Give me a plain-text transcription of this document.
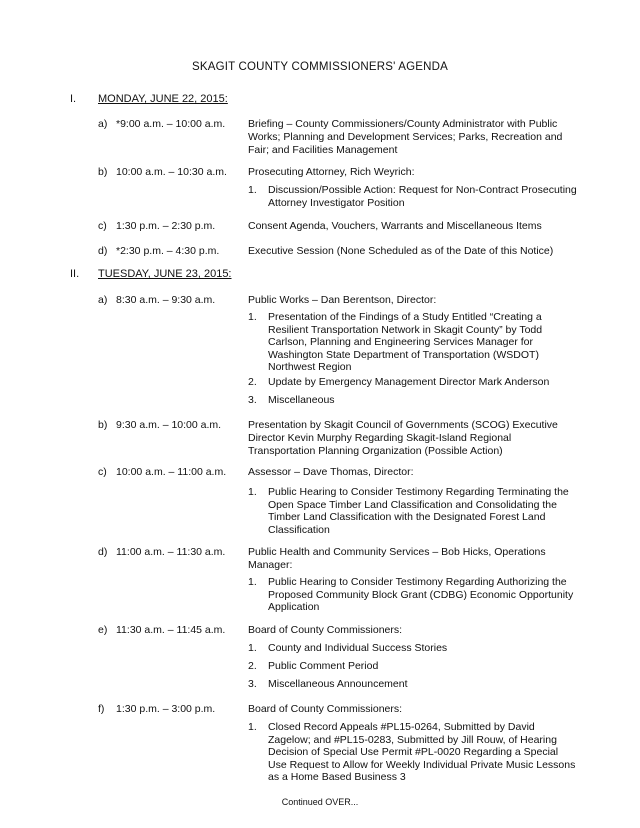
SKAGIT COUNTY COMMISSIONERS' AGENDA
I. MONDAY, JUNE 22, 2015:
a) *9:00 a.m. – 10:00 a.m. Briefing – County Commissioners/County Administrator with Public Works; Planning and Development Services; Parks, Recreation and Fair; and Facilities Management
b) 10:00 a.m. – 10:30 a.m. Prosecuting Attorney, Rich Weyrich:
1. Discussion/Possible Action: Request for Non-Contract Prosecuting Attorney Investigator Position
c) 1:30 p.m. – 2:30 p.m.	Consent Agenda, Vouchers, Warrants and Miscellaneous Items
d) *2:30 p.m. – 4:30 p.m.	Executive Session (None Scheduled as of the Date of this Notice)
II. TUESDAY, JUNE 23, 2015:
a) 8:30 a.m. – 9:30 a.m.	Public Works – Dan Berentson, Director:
1. Presentation of the Findings of a Study Entitled “Creating a Resilient Transportation Network in Skagit County” by Todd Carlson, Planning and Engineering Services Manager for Washington State Department of Transportation (WSDOT) Northwest Region
2. Update by Emergency Management Director Mark Anderson
3. Miscellaneous
b) 9:30 a.m. – 10:00 a.m.	Presentation by Skagit Council of Governments (SCOG) Executive Director Kevin Murphy Regarding Skagit-Island Regional Transportation Planning Organization (Possible Action)
c) 10:00 a.m. – 11:00 a.m. Assessor – Dave Thomas, Director:
1. Public Hearing to Consider Testimony Regarding Terminating the Open Space Timber Land Classification and Consolidating the Timber Land Classification with the Designated Forest Land Classification
d) 11:00 a.m. – 11:30 a.m. Public Health and Community Services – Bob Hicks, Operations Manager:
1. Public Hearing to Consider Testimony Regarding Authorizing the Proposed Community Block Grant (CDBG) Economic Opportunity Application
e) 11:30 a.m. – 11:45 a.m. Board of County Commissioners:
1. County and Individual Success Stories
2. Public Comment Period
3. Miscellaneous Announcement
f) 1:30 p.m. – 3:00 p.m.	Board of County Commissioners:
1. Closed Record Appeals #PL15-0264, Submitted by David Zagelow; and #PL15-0283, Submitted by Jill Rouw, of Hearing Decision of Special Use Permit #PL-0020 Regarding a Special Use Request to Allow for Weekly Individual Private Music Lessons as a Home Based Business 3
Continued OVER...
